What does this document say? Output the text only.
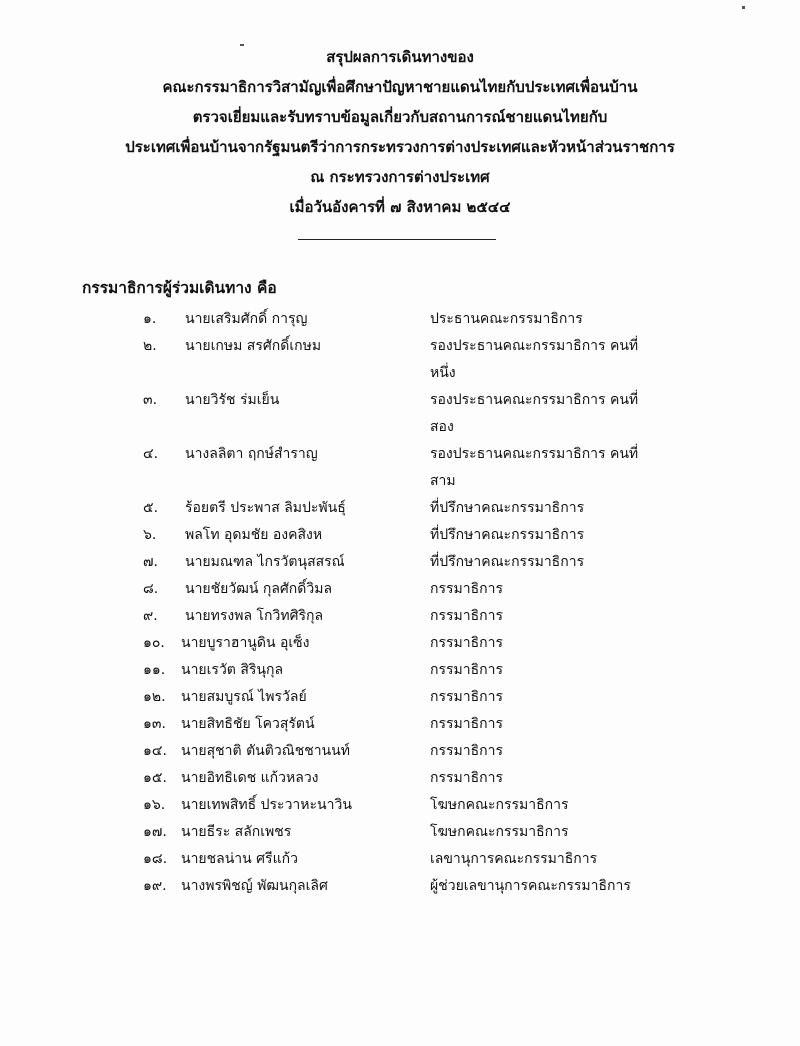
สรุปผลการเดินทางของ
คณะกรรมาธิการวิสามัญเพื่อศึกษาปัญหาชายแดนไทยกับประเทศเพื่อนบ้าน
ตรวจเยี่ยมและรับทราบข้อมูลเกี่ยวกับสถานการณ์ชายแดนไทยกับ
ประเทศเพื่อนบ้านจากรัฐมนตรีว่าการกระทรวงการต่างประเทศและหัวหน้าส่วนราชการ
ณ กระทรวงการต่างประเทศ
เมื่อวันอังคารที่ ๗ สิงหาคม ๒๕๔๔
กรรมาธิการผู้ร่วมเดินทาง คือ
๑. นายเสริมศักดิ์ การุญ	ประธานคณะกรรมาธิการ
๒. นายเกษม สรศักดิ์เกษม	รองประธานคณะกรรมาธิการ คนที่หนึ่ง
๓. นายวิรัช ร่มเย็น	รองประธานคณะกรรมาธิการ คนที่สอง
๔. นางลลิตา ฤกษ์สำราญ	รองประธานคณะกรรมาธิการ คนที่สาม
๕. ร้อยตรี ประพาส ลิมปะพันธุ์	ที่ปรึกษาคณะกรรมาธิการ
๖. พลโท อุดมชัย องคสิงห	ที่ปรึกษาคณะกรรมาธิการ
๗. นายมณฑล ไกรวัตนุสสรณ์	ที่ปรึกษาคณะกรรมาธิการ
๘. นายชัยวัฒน์ กุลศักดิ์วิมล	กรรมาธิการ
๙. นายทรงพล โกวิทศิริกุล	กรรมาธิการ
๑๐. นายบูราฮานูดิน อุเซ็ง	กรรมาธิการ
๑๑. นายเรวัต สิรินุกุล	กรรมาธิการ
๑๒. นายสมบูรณ์ ไพรวัลย์	กรรมาธิการ
๑๓. นายสิทธิชัย โควสุรัตน์	กรรมาธิการ
๑๔. นายสุชาติ ตันติวณิชชานนท์	กรรมาธิการ
๑๕. นายอิทธิเดช แก้วหลวง	กรรมาธิการ
๑๖. นายเทพสิทธิ์ ประวาหะนาวิน	โฆษกคณะกรรมาธิการ
๑๗. นายธีระ สลักเพชร	โฆษกคณะกรรมาธิการ
๑๘. นายชลน่าน ศรีแก้ว	เลขานุการคณะกรรมาธิการ
๑๙. นางพรพิชญ์ พัฒนกุลเลิศ	ผู้ช่วยเลขานุการคณะกรรมาธิการ
